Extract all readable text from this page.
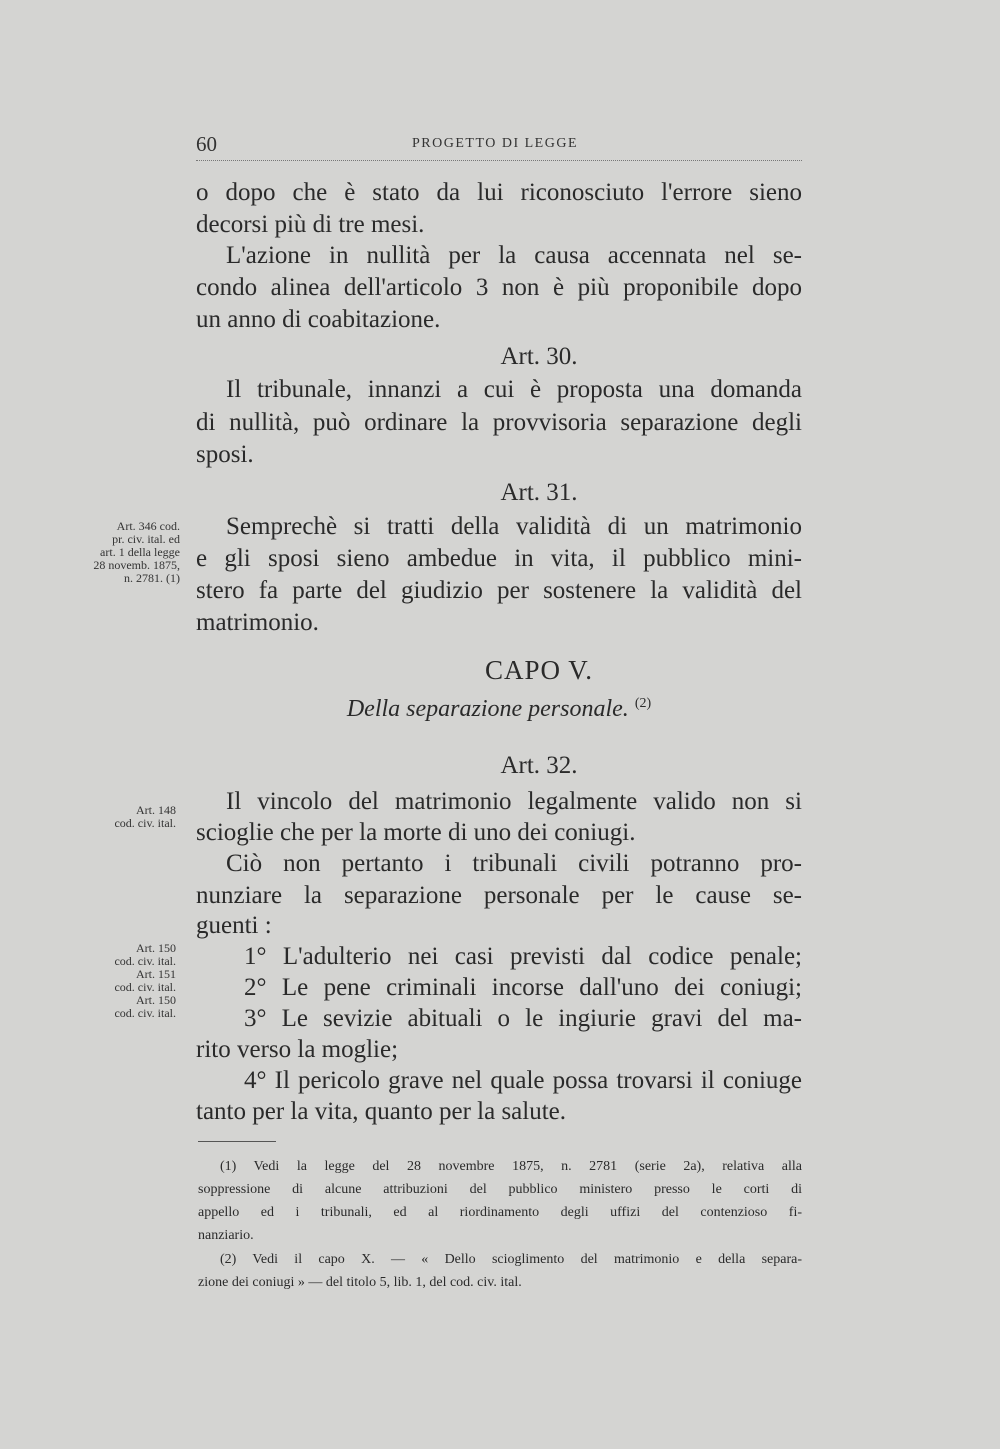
60	PROGETTO DI LEGGE
o dopo che è stato da lui riconosciuto l'errore sieno
decorsi più di tre mesi.
L'azione in nullità per la causa accennata nel se-
condo alinea dell'articolo 3 non è più proponibile dopo
un anno di coabitazione.
Art. 30.
Il tribunale, innanzi a cui è proposta una domanda
di nullità, può ordinare la provvisoria separazione degli
sposi.
Art. 31.
Semprechè si tratti della validità di un matrimonio
e gli sposi sieno ambedue in vita, il pubblico mini-
stero fa parte del giudizio per sostenere la validità del
matrimonio.
CAPO V.
Della separazione personale. $^{(2)}$
Art. 32.
Il vincolo del matrimonio legalmente valido non si
scioglie che per la morte di uno dei coniugi.
Ciò non pertanto i tribunali civili potranno pro-
nunziare la separazione personale per le cause se-
guenti :
1° L'adulterio nei casi previsti dal codice penale;
2° Le pene criminali incorse dall'uno dei coniugi;
3° Le sevizie abituali o le ingiurie gravi del ma-
rito verso la moglie;
4° Il pericolo grave nel quale possa trovarsi il coniuge
tanto per la vita, quanto per la salute.
Art. 346 cod.
pr. civ. ital. ed
art. 1 della legge
28 novemb. 1875,
n. 2781. (1)
Art. 148
cod. civ. ital.
Art. 150
cod. civ. ital.
Art. 151
cod. civ. ital.
Art. 150
cod. civ. ital.
(1) Vedi la legge del 28 novembre 1875, n. 2781 (serie 2a), relativa alla
soppressione di alcune attribuzioni del pubblico ministero presso le corti di
appello ed i tribunali, ed al riordinamento degli uffizi del contenzioso fi-
nanziario.
(2) Vedi il capo X. — « Dello scioglimento del matrimonio e della separa-
zione dei coniugi » — del titolo 5, lib. 1, del cod. civ. ital.
